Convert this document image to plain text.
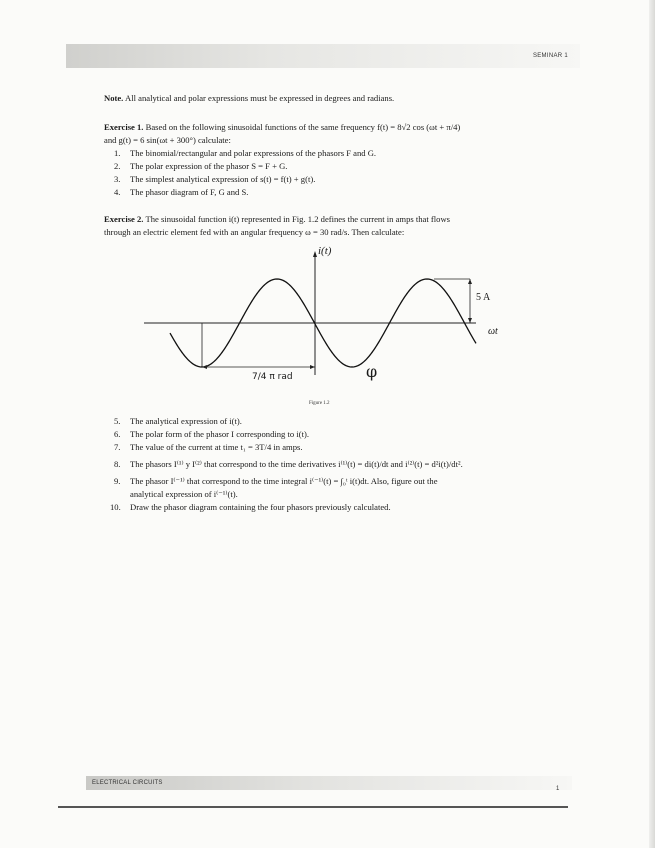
SEMINAR 1

Note. All analytical and polar expressions must be expressed in degrees and radians.

Exercise 1. Based on the following sinusoidal functions of the same frequency f(t) = 8√2 cos (ωt + π/4)

and g(t) = 6 sin(ωt + 300°) calculate:

1. The binomial/rectangular and polar expressions of the phasors F and G.
2. The polar expression of the phasor S = F + G.
3. The simplest analytical expression of s(t) = f(t) + g(t).
4. The phasor diagram of F, G and S.

Exercise 2. The sinusoidal function i(t) represented in Fig. 1.2 defines the current in amps that flows

through an electric element fed with an angular frequency ω = 30 rad/s. Then calculate:

i(t)
ωt
5 A
7/4 π rad	φ
Figure 1.2
5. The analytical expression of i(t).
6. The polar form of the phasor I corresponding to i(t).
7. The value of the current at time t₁ = 3T/4 in amps.
8. The phasors I⁽¹⁾ y I⁽²⁾ that correspond to the time derivatives i⁽¹⁾(t) = di(t)/dt and i⁽²⁾(t) = d²i(t)/dt².
9. The phasor I⁽⁻¹⁾ that correspond to the time integral i⁽⁻¹⁾(t) = ∫₀ᵗ i(t)dt. Also, figure out the
analytical expression of i⁽⁻¹⁾(t).
10. Draw the phasor diagram containing the four phasors previously calculated.
ELECTRICAL CIRCUITS
1
